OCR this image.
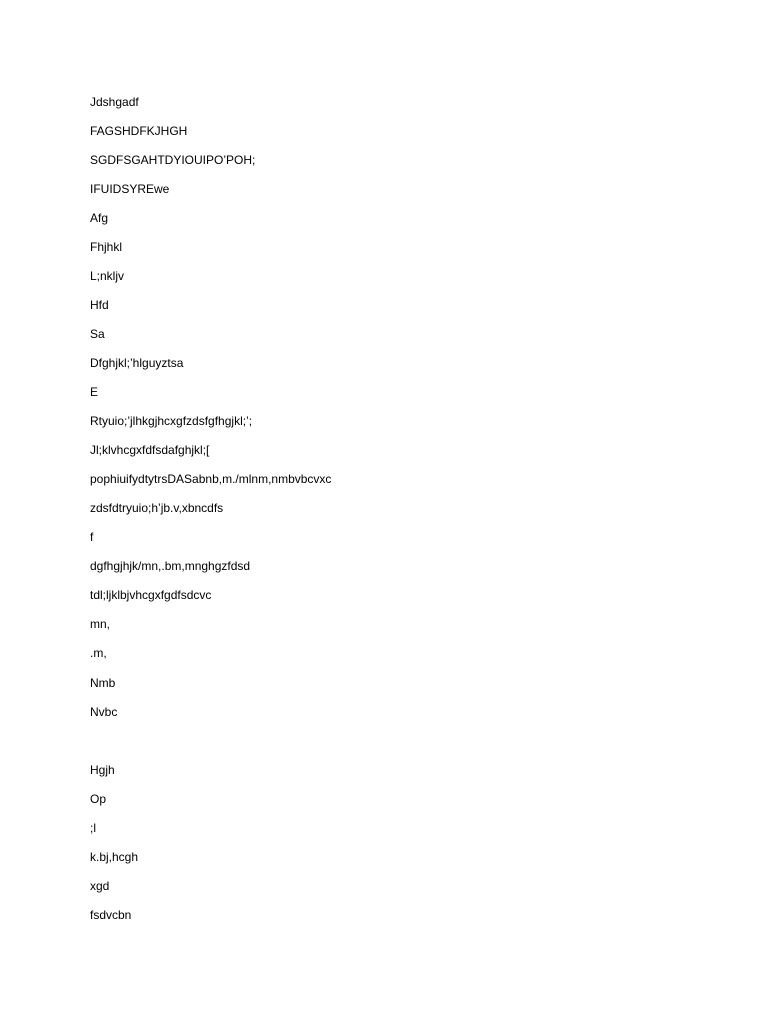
Jdshgadf

FAGSHDFKJHGH

SGDFSGAHTDYIOUIPO’POH;

IFUIDSYREwe

Afg

Fhjhkl

L;nkljv

Hfd

Sa

Dfghjkl;’hlguyztsa

E

Rtyuio;’jlhkgjhcxgfzdsfgfhgjkl;’;

Jl;klvhcgxfdfsdafghjkl;[

pophiuifydtytrsDASabnb,m./mlnm,nmbvbcvxc

zdsfdtryuio;h’jb.v,xbncdfs

f

dgfhgjhjk/mn,.bm,mnghgzfdsd

tdl;ljklbjvhcgxfgdfsdcvc

mn,

.m,

Nmb

Nvbc

Hgjh

Op

;l

k.bj,hcgh

xgd

fsdvcbn
